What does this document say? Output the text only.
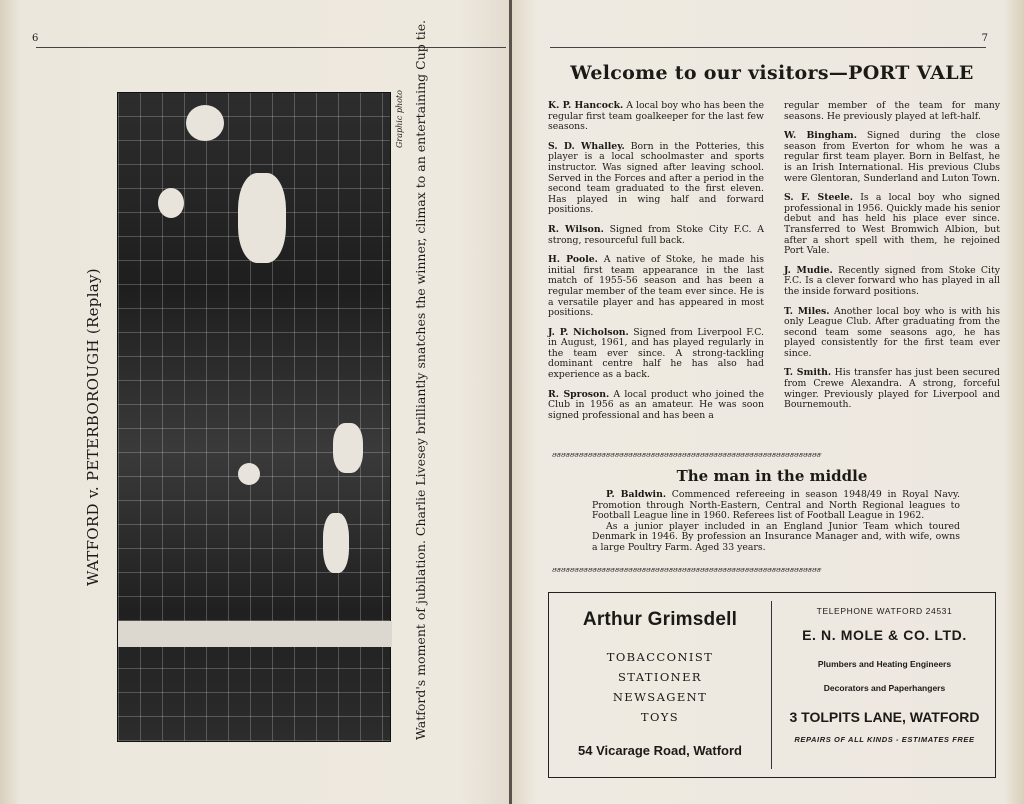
6
WATFORD v. PETERBOROUGH (Replay)
Graphic photo Watford's moment of jubilation. Charlie Livesey brilliantly snatches the winner, climax to an entertaining Cup tie.	7
Welcome to our visitors—PORT VALE
K. P. Hancock. A local boy who has been the regular first team goalkeeper for the last few seasons.
S. D. Whalley. Born in the Potteries, this player is a local schoolmaster and sports instructor. Was signed after leaving school. Served in the Forces and after a period in the second team graduated to the first eleven. Has played in wing half and forward positions.
R. Wilson. Signed from Stoke City F.C. A strong, resourceful full back.
H. Poole. A native of Stoke, he made his initial first team appearance in the last match of 1955-56 season and has been a regular member of the team ever since. He is a versatile player and has appeared in most positions.
J. P. Nicholson. Signed from Liverpool F.C. in August, 1961, and has played regularly in the team ever since. A strong-tackling dominant centre half he has also had experience as a back.
R. Sproson. A local product who joined the Club in 1956 as an amateur. He was soon signed professional and has been a
regular member of the team for many seasons. He previously played at left-half.
W. Bingham. Signed during the close season from Everton for whom he was a regular first team player. Born in Belfast, he is an Irish International. His previous Clubs were Glentoran, Sunderland and Luton Town.
S. F. Steele. Is a local boy who signed professional in 1956. Quickly made his senior debut and has held his place ever since. Transferred to West Bromwich Albion, but after a short spell with them, he rejoined Port Vale.
J. Mudie. Recently signed from Stoke City F.C. Is a clever forward who has played in all the inside forward positions.
T. Miles. Another local boy who is with his only League Club. After graduating from the second team some seasons ago, he has played consistently for the first team ever since.
T. Smith. His transfer has just been secured from Crewe Alexandra. A strong, forceful winger. Previously played for Liverpool and Bournemouth.
சசசசசசசசசசசசசசசசசசசசசசசசசசசசசசசசசசசசசசசசசசசசசசசசசசசசசசசசசசசச
The man in the middle
P. Baldwin. Commenced refereeing in season 1948/49 in Royal Navy. Promotion through North-Eastern, Central and North Regional leagues to Football League line in 1960. Referees list of Football League in 1962.
As a junior player included in an England Junior Team which toured Denmark in 1946. By profession an Insurance Manager and, with wife, owns a large Poultry Farm. Aged 33 years.
சசசசசசசசசசசசசசசசசசசசசசசசசசசசசசசசசசசசசசசசசசசசசசசசசசசசசசசசசசசச
Arthur Grimsdell
TOBACCONIST
STATIONER
NEWSAGENT
TOYS
54 Vicarage Road, Watford
TELEPHONE WATFORD 24531
E. N. MOLE & CO. LTD.
Plumbers and Heating Engineers
Decorators and Paperhangers
3 TOLPITS LANE, WATFORD
REPAIRS OF ALL KINDS - ESTIMATES FREE
